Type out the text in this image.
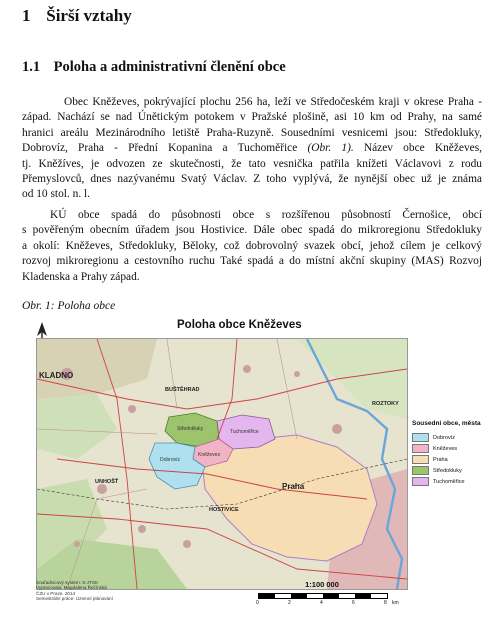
1 Širší vztahy
1.1 Poloha a administrativní členění obce
Obec Kněževes, pokrývající plochu 256 ha, leží ve Středočeském kraji v okrese Praha -
západ. Nachází se nad Únětickým potokem v Pražské plošině, asi 10 km od Prahy, na samé
hranici areálu Mezinárodního letiště Praha-Ruzyně. Sousedními vesnicemi jsou: Středokluky,
Dobrovíz, Praha - Přední Kopanina a Tuchoměřice (Obr. 1). Název obce Kněževes,
tj. Kněžíves, je odvozen ze skutečnosti, že tato vesnička patřila knížeti Václavovi z rodu
Přemyslovců, dnes nazývanému Svatý Václav. Z toho vyplývá, že nynější obec už je známa
od 10 stol. n. l.
KÚ obce spadá do působnosti obce s rozšířenou působností Černošice, obcí
s pověřeným obecním úřadem jsou Hostivice. Dále obec spadá do mikroregionu Středokluky
a okolí: Kněževes, Středokluky, Běloky, což dobrovolný svazek obcí, jehož cílem je celkový
rozvoj mikroregionu a cestovního ruchu Také spadá a do místní akční skupiny (MAS) Rozvoj
Kladenska a Prahy západ.
Obr. 1: Poloha obce
Poloha obce Kněževes
KLADNO
BUŠTĚHRAD
UNHOŠŤ
ROZTOKY
HOSTIVICE
Praha
Dobrovíz
Kněževes
Středokluky	Tuchoměřice
Sousední obce, města
Dobrovíz
Kněževes
Praha
Středokluky
Tuchoměřice
Souřadnicový systém: S-JTSK
Vypracovala: Magdalena Řečínská
ČZU v Praze, 2014
Semestrální práce: Územní plánování
1:100 000
0	2	4	6	8 km
